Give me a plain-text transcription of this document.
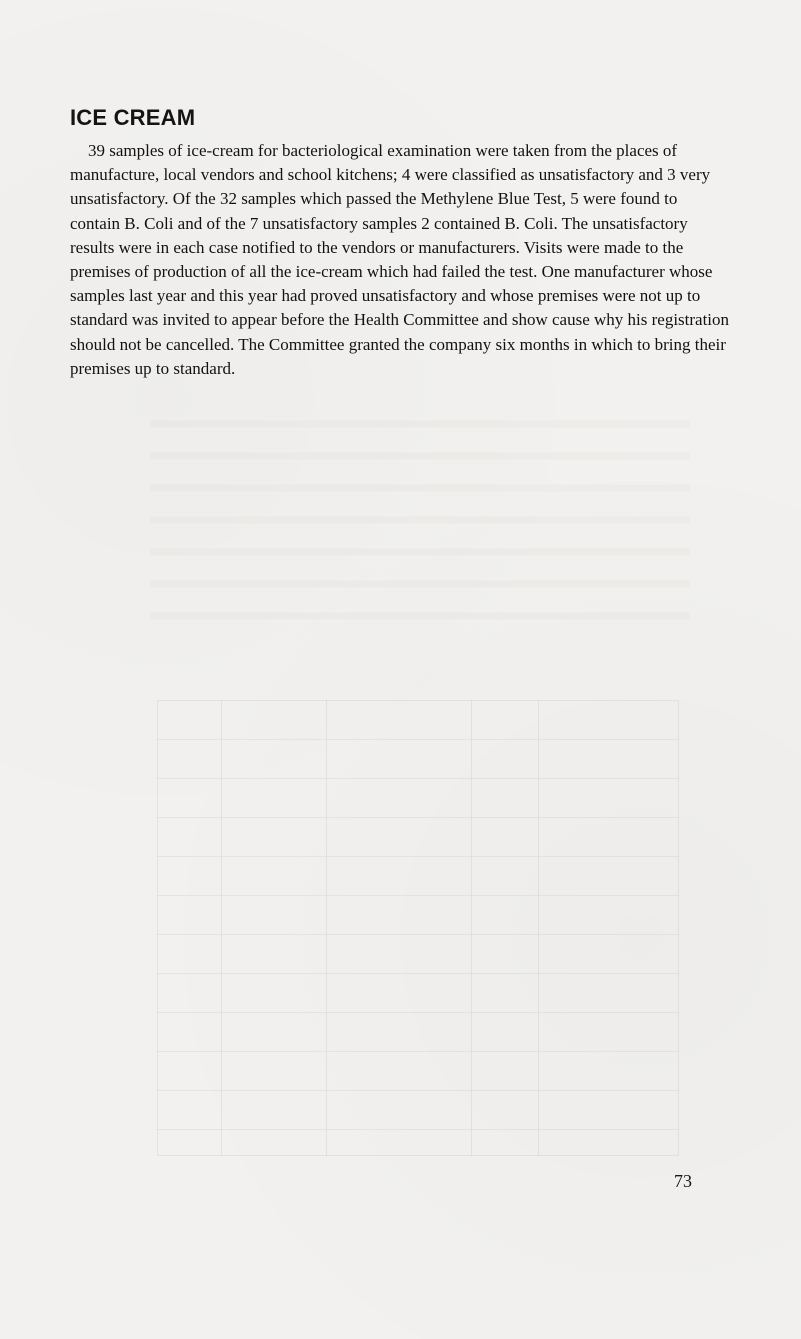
ICE CREAM

39 samples of ice-cream for bacteriological examination were taken from the places of manufacture, local vendors and school kitchens; 4 were classified as unsatisfactory and 3 very unsatisfactory. Of the 32 samples which passed the Methylene Blue Test, 5 were found to contain B. Coli and of the 7 unsatisfactory samples 2 contained B. Coli. The unsatisfactory results were in each case notified to the vendors or manufacturers. Visits were made to the premises of production of all the ice-cream which had failed the test. One manufacturer whose samples last year and this year had proved unsatisfactory and whose premises were not up to standard was invited to appear before the Health Committee and show cause why his registration should not be cancelled. The Committee granted the company six months in which to bring their premises up to standard.

73
